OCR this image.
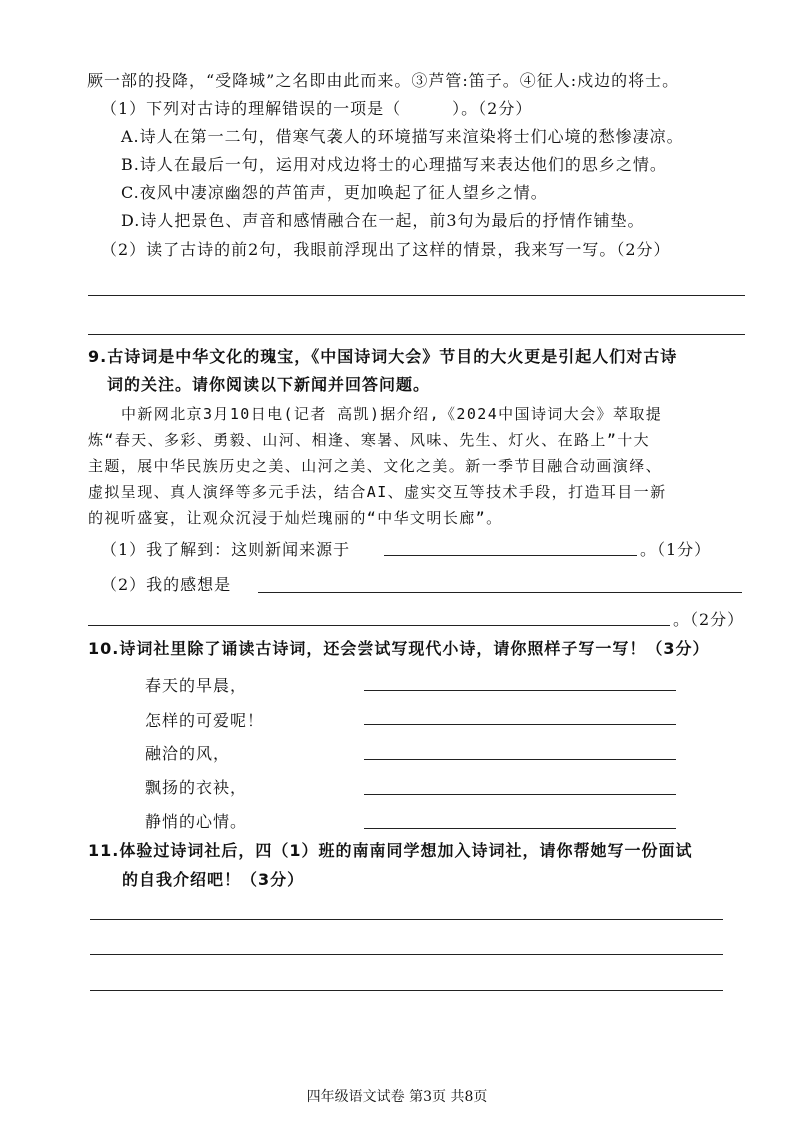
厥一部的投降，“受降城”之名即由此而来。③芦管:笛子。④征人:戍边的将士。
（1）下列对古诗的理解错误的一项是（　　　）。（2分）
A.诗人在第一二句，借寒气袭人的环境描写来渲染将士们心境的愁惨凄凉。
B.诗人在最后一句，运用对戍边将士的心理描写来表达他们的思乡之情。
C.夜风中凄凉幽怨的芦笛声，更加唤起了征人望乡之情。
D.诗人把景色、声音和感情融合在一起，前3句为最后的抒情作铺垫。
（2）读了古诗的前2句，我眼前浮现出了这样的情景，我来写一写。（2分）
9.古诗词是中华文化的瑰宝，《中国诗词大会》节目的大火更是引起人们对古诗
词的关注。请你阅读以下新闻并回答问题。
中新网北京3月10日电(记者 高凯)据介绍,《2024中国诗词大会》萃取提
炼“春天、多彩、勇毅、山河、相逢、寒暑、风味、先生、灯火、在路上”十大
主题，展中华民族历史之美、山河之美、文化之美。新一季节目融合动画演绎、
虚拟呈现、真人演绎等多元手法，结合AI、虚实交互等技术手段，打造耳目一新
的视听盛宴，让观众沉浸于灿烂瑰丽的“中华文明长廊”。
（1）我了解到：这则新闻来源于	。（1分）
（2）我的感想是
。（2分）
10.诗词社里除了诵读古诗词，还会尝试写现代小诗，请你照样子写一写！（3分）
春天的早晨，
怎样的可爱呢！
融洽的风，
飘扬的衣袂，
静悄的心情。
11.体验过诗词社后，四（1）班的南南同学想加入诗词社，请你帮她写一份面试
的自我介绍吧！（3分）
四年级语文试卷 第3页 共8页
